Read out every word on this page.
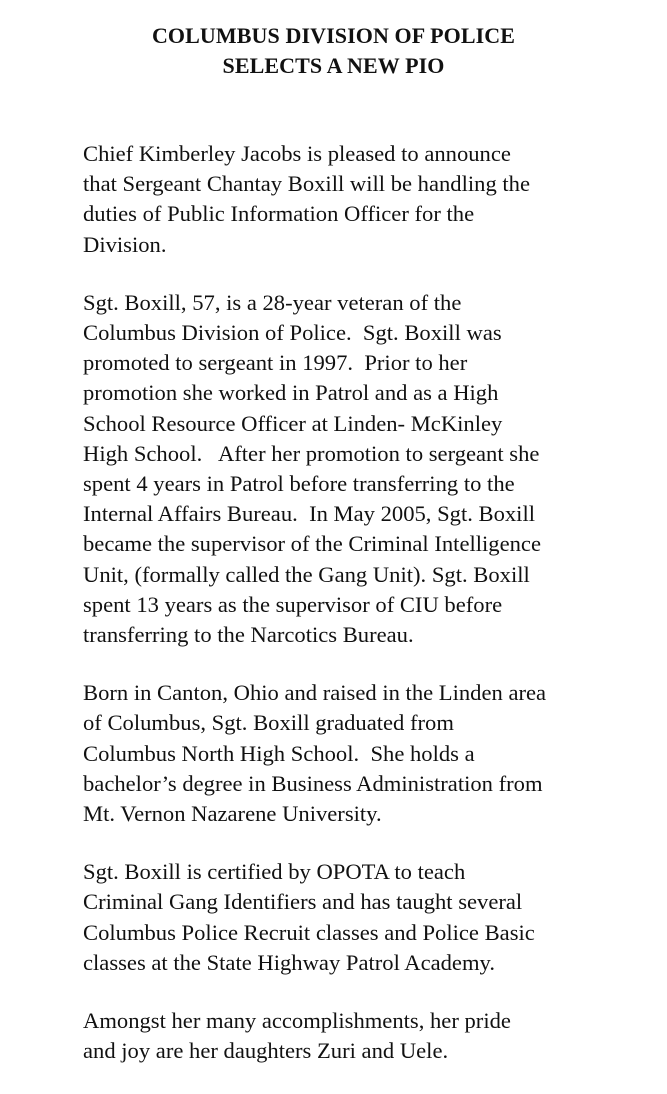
COLUMBUS DIVISION OF POLICE
SELECTS A NEW PIO

Chief Kimberley Jacobs is pleased to announce
that Sergeant Chantay Boxill will be handling the
duties of Public Information Officer for the
Division.

Sgt. Boxill, 57, is a 28-year veteran of the
Columbus Division of Police.  Sgt. Boxill was
promoted to sergeant in 1997.  Prior to her
promotion she worked in Patrol and as a High
School Resource Officer at Linden- McKinley
High School.   After her promotion to sergeant she
spent 4 years in Patrol before transferring to the
Internal Affairs Bureau.  In May 2005, Sgt. Boxill
became the supervisor of the Criminal Intelligence
Unit, (formally called the Gang Unit). Sgt. Boxill
spent 13 years as the supervisor of CIU before
transferring to the Narcotics Bureau.

Born in Canton, Ohio and raised in the Linden area
of Columbus, Sgt. Boxill graduated from
Columbus North High School.  She holds a
bachelor’s degree in Business Administration from
Mt. Vernon Nazarene University.

Sgt. Boxill is certified by OPOTA to teach
Criminal Gang Identifiers and has taught several
Columbus Police Recruit classes and Police Basic
classes at the State Highway Patrol Academy.

Amongst her many accomplishments, her pride
and joy are her daughters Zuri and Uele.
